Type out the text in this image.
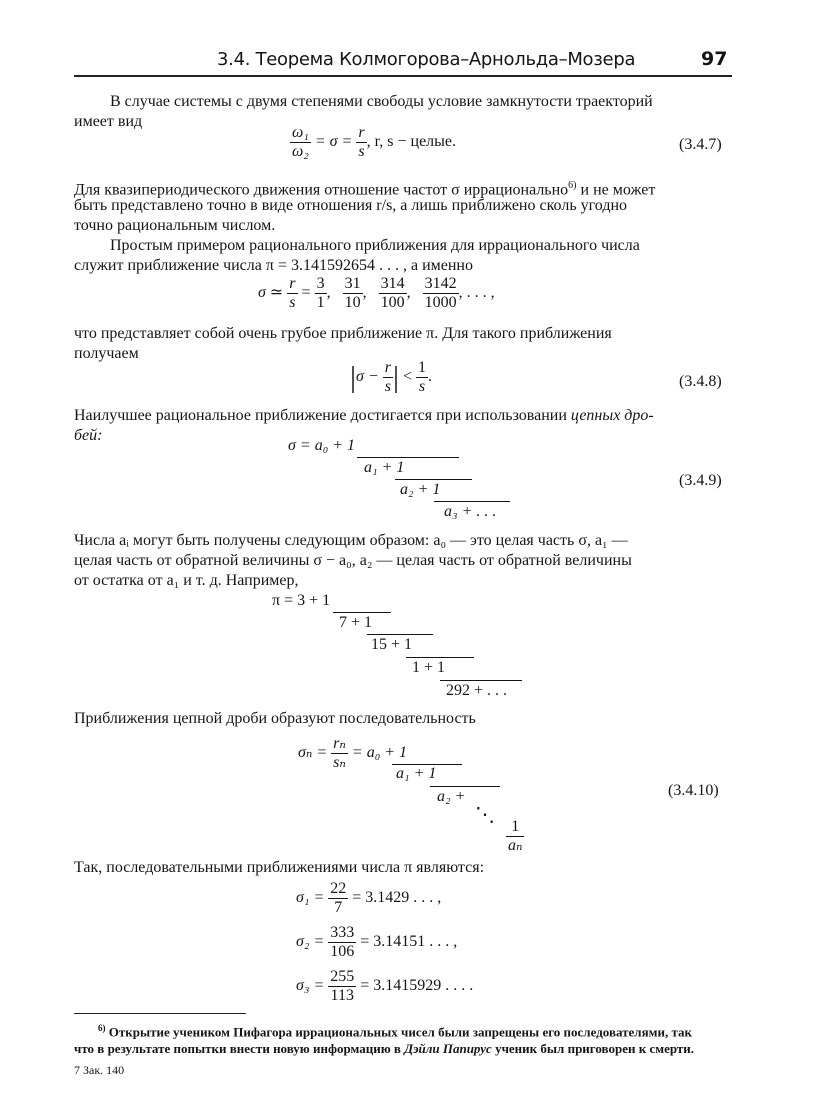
3.4. Теорема Колмогорова–Арнольда–Мозера	97
В случае системы с двумя степенями свободы условие замкнутости траекторий
имеет вид
$\frac{\text{ω₁}}{\text{ω₂}} = \sigma = \frac{r}{s}$ , r, s − целые.	(3.4.7)
Для квазипериодического движения отношение частот σ иррационально$^{6)}$ и не может
быть представлено точно в виде отношения r/s, а лишь приближено сколь угодно
точно рациональным числом.
Простым примером рационального приближения для иррационального числа
служит приближение числа π = 3.141592654 . . . , а именно
σ ≃ $\frac{r}{s} = \frac{3}{1}$ , $\frac{31}{10}$ , $\frac{314}{100}$ , $\frac{3142}{1000}$ , . . . ,
что представляет собой очень грубое приближение π. Для такого приближения
получаем
$|\sigma - \frac{r}{s}$ | < $\frac{1}{s}$ .	(3.4.8)
Наилучшее рациональное приближение достигается при использовании цепных дро-
бей:
σ = a₀ + 1
a₁ + 1
a₂ + 1
a₃ + . . .
(3.4.9)
Числа aᵢ могут быть получены следующим образом: a₀ — это целая часть σ, a₁ —
целая часть от обратной величины σ − a₀, a₂ — целая часть от обратной величины
от остатка от a₁ и т. д. Например,
π = 3 + 1
7 + 1
15 + 1
1 + 1
292 + . . .
Приближения цепной дроби образуют последовательность
$\sigma_n = \frac{\text{rₙ}}{\text{sₙ}} = a_0 + 1$
a₁ + 1
a₂ +
⋱
$\frac{1}{\text{aₙ}}$
(3.4.10)
Так, последовательными приближениями числа π являются:
$\sigma_1 = \frac{22}{7} = 3.1429$ . . . ,
$\sigma_2 = \frac{333}{106} = 3.14151$ . . . ,
$\sigma_3 = \frac{255}{113} = 3.1415929$ . . . .
$^{6)}$ Открытие учеником Пифагора иррациональных чисел были запрещены его последователями, так
что в результате попытки внести новую информацию в Дэйли Папирус ученик был приговорен к смерти.
7 Зак. 140
